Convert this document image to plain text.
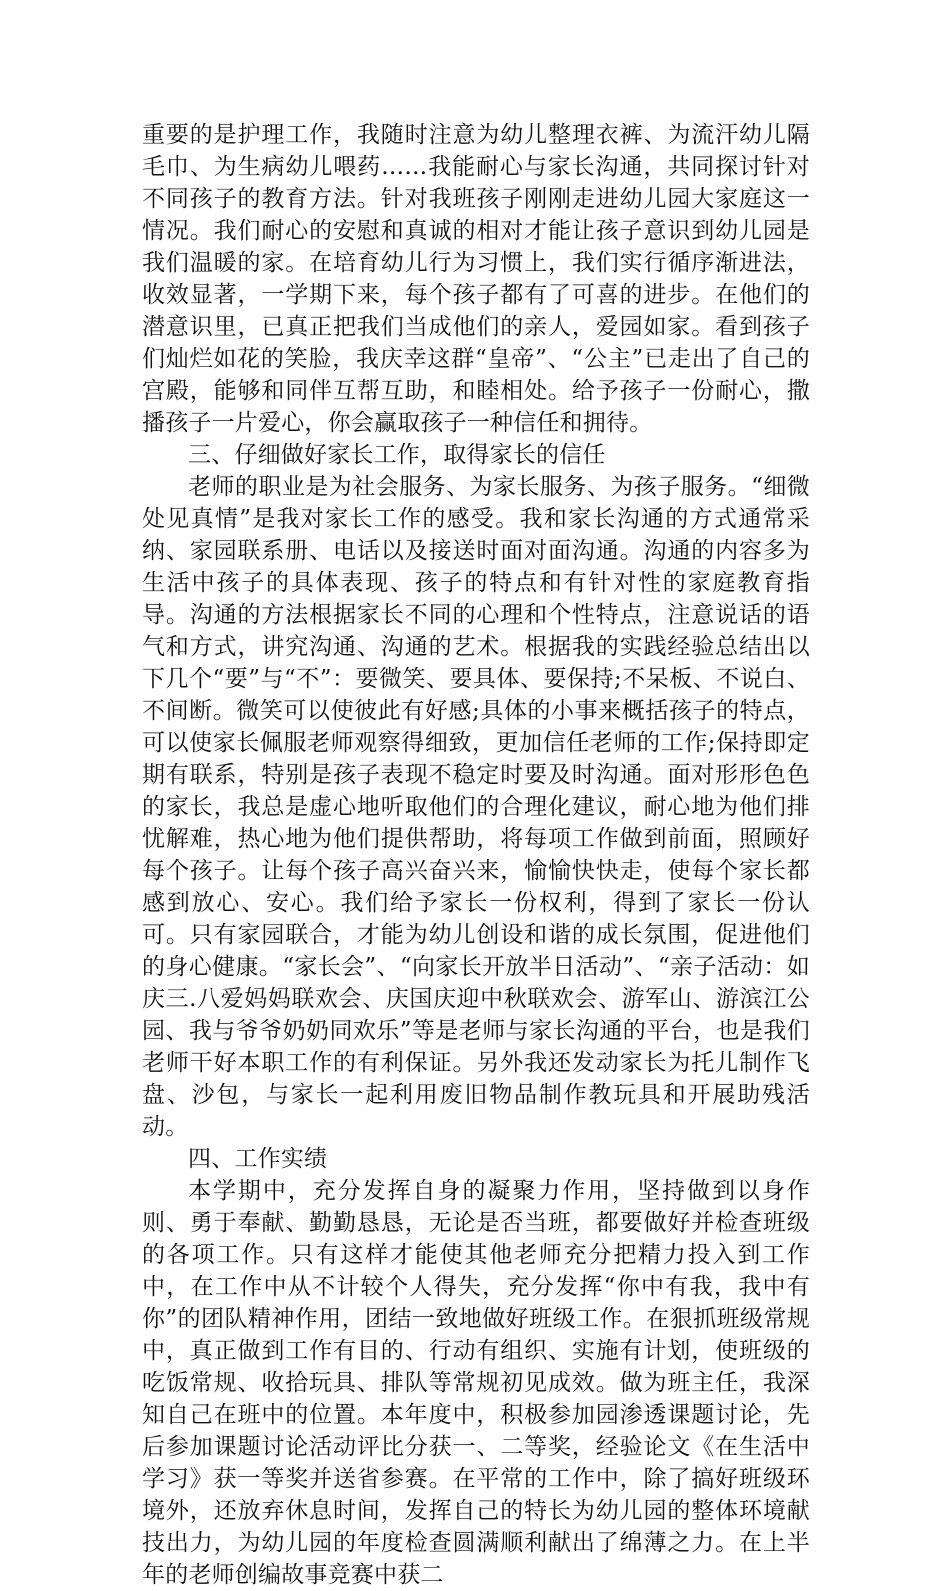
重要的是护理工作，我随时注意为幼儿整理衣裤、为流汗幼儿隔毛巾、为生病幼儿喂药……我能耐心与家长沟通，共同探讨针对不同孩子的教育方法。针对我班孩子刚刚走进幼儿园大家庭这一情况。我们耐心的安慰和真诚的相对才能让孩子意识到幼儿园是我们温暖的家。在培育幼儿行为习惯上，我们实行循序渐进法，收效显著，一学期下来，每个孩子都有了可喜的进步。在他们的潜意识里，已真正把我们当成他们的亲人，爱园如家。看到孩子们灿烂如花的笑脸，我庆幸这群“皇帝”、“公主”已走出了自己的宫殿，能够和同伴互帮互助，和睦相处。给予孩子一份耐心，撒播孩子一片爱心，你会赢取孩子一种信任和拥待。

三、仔细做好家长工作，取得家长的信任

老师的职业是为社会服务、为家长服务、为孩子服务。“细微处见真情”是我对家长工作的感受。我和家长沟通的方式通常采纳、家园联系册、电话以及接送时面对面沟通。沟通的内容多为生活中孩子的具体表现、孩子的特点和有针对性的家庭教育指导。沟通的方法根据家长不同的心理和个性特点，注意说话的语气和方式，讲究沟通、沟通的艺术。根据我的实践经验总结出以下几个“要”与“不”：要微笑、要具体、要保持;不呆板、不说白、不间断。微笑可以使彼此有好感;具体的小事来概括孩子的特点，可以使家长佩服老师观察得细致，更加信任老师的工作;保持即定期有联系，特别是孩子表现不稳定时要及时沟通。面对形形色色的家长，我总是虚心地听取他们的合理化建议，耐心地为他们排忧解难，热心地为他们提供帮助，将每项工作做到前面，照顾好每个孩子。让每个孩子高兴奋兴来，愉愉快快走，使每个家长都感到放心、安心。我们给予家长一份权利，得到了家长一份认可。只有家园联合，才能为幼儿创设和谐的成长氛围，促进他们的身心健康。“家长会”、“向家长开放半日活动”、“亲子活动：如庆三.八爱妈妈联欢会、庆国庆迎中秋联欢会、游军山、游滨江公园、我与爷爷奶奶同欢乐”等是老师与家长沟通的平台，也是我们老师干好本职工作的有利保证。另外我还发动家长为托儿制作飞盘、沙包，与家长一起利用废旧物品制作教玩具和开展助残活动。

四、工作实绩

本学期中，充分发挥自身的凝聚力作用，坚持做到以身作则、勇于奉献、勤勤恳恳，无论是否当班，都要做好并检查班级的各项工作。只有这样才能使其他老师充分把精力投入到工作中，在工作中从不计较个人得失，充分发挥“你中有我，我中有你”的团队精神作用，团结一致地做好班级工作。在狠抓班级常规中，真正做到工作有目的、行动有组织、实施有计划，使班级的吃饭常规、收拾玩具、排队等常规初见成效。做为班主任，我深知自己在班中的位置。本年度中，积极参加园渗透课题讨论，先后参加课题讨论活动评比分获一、二等奖，经验论文《在生活中学习》获一等奖并送省参赛。在平常的工作中，除了搞好班级环境外，还放弃休息时间，发挥自己的特长为幼儿园的整体环境献技出力，为幼儿园的年度检查圆满顺利献出了绵薄之力。在上半年的老师创编故事竞赛中获二
